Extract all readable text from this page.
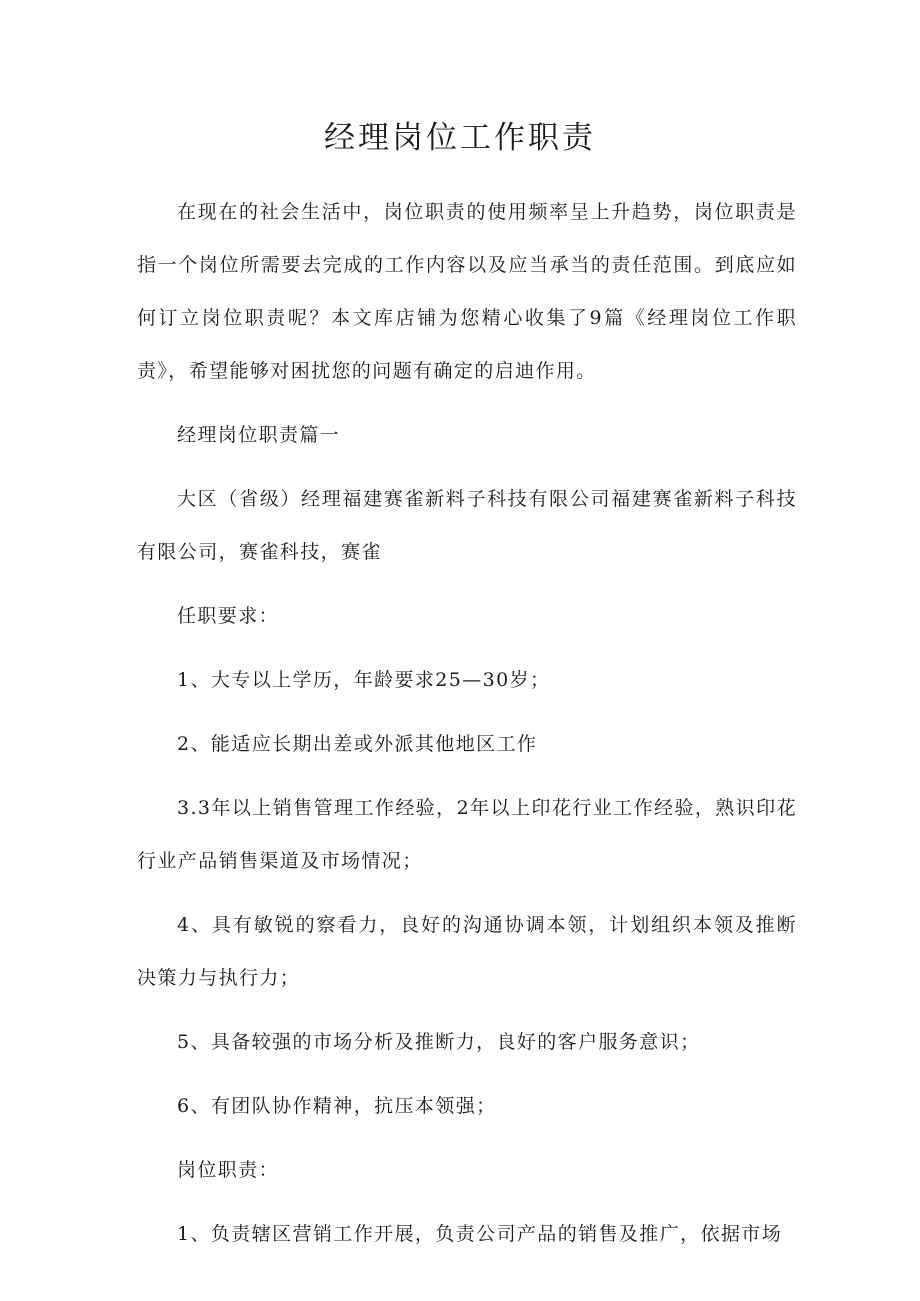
经理岗位工作职责

在现在的社会生活中，岗位职责的使用频率呈上升趋势，岗位职责是指一个岗位所需要去完成的工作内容以及应当承当的责任范围。到底应如何订立岗位职责呢？本文库店铺为您精心收集了9篇《经理岗位工作职责》，希望能够对困扰您的问题有确定的启迪作用。

经理岗位职责篇一

大区（省级）经理福建赛雀新料子科技有限公司福建赛雀新料子科技有限公司，赛雀科技，赛雀

任职要求：

1、大专以上学历，年龄要求25—30岁；

2、能适应长期出差或外派其他地区工作

3.3年以上销售管理工作经验，2年以上印花行业工作经验，熟识印花行业产品销售渠道及市场情况；

4、具有敏锐的察看力，良好的沟通协调本领，计划组织本领及推断决策力与执行力；

5、具备较强的市场分析及推断力，良好的客户服务意识；

6、有团队协作精神，抗压本领强；

岗位职责：

1、负责辖区营销工作开展，负责公司产品的销售及推广，依据市场
